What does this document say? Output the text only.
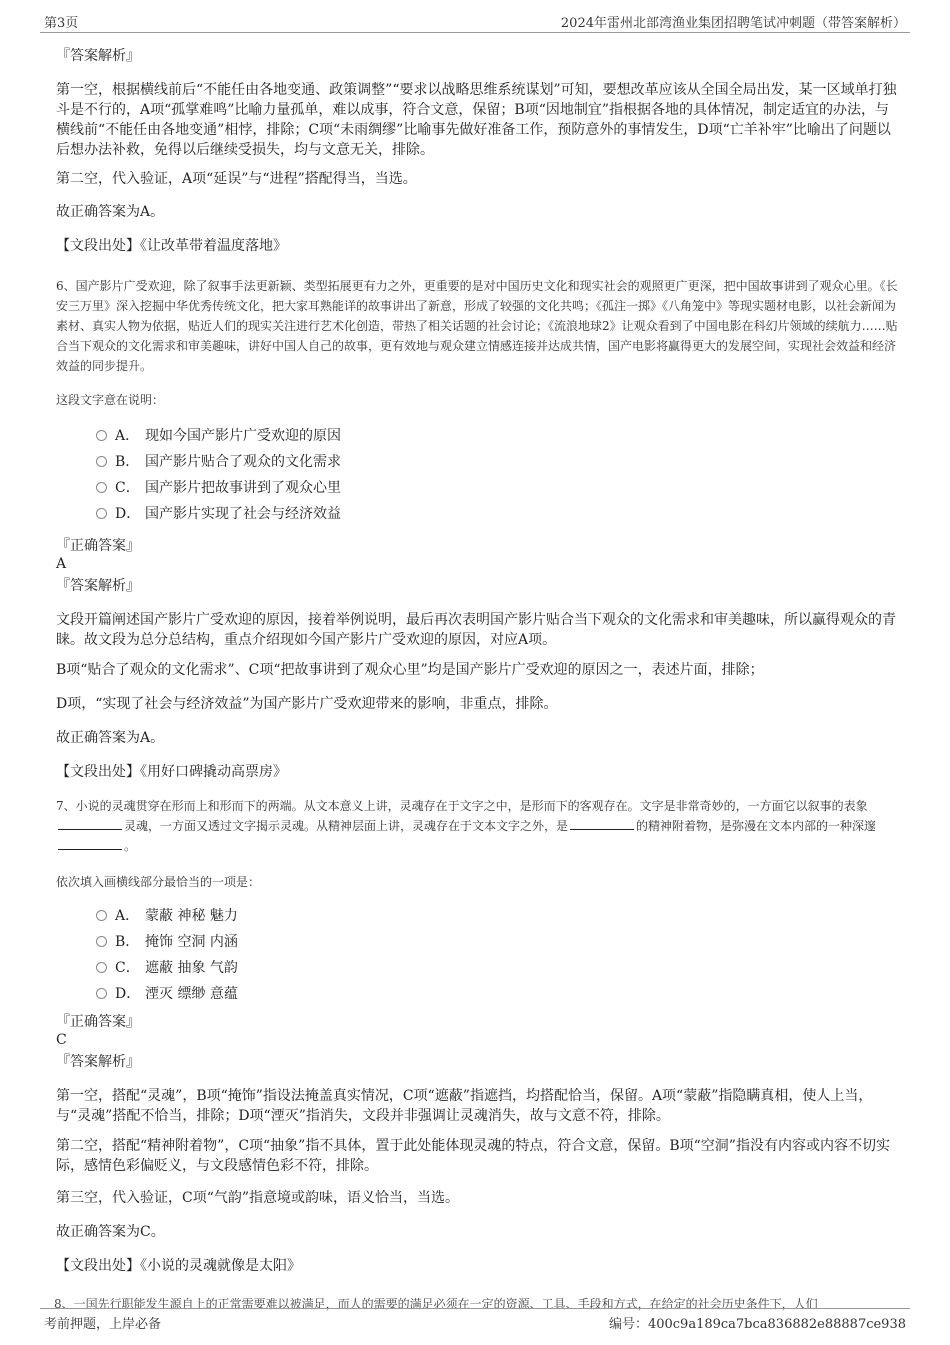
第3页	2024年雷州北部湾渔业集团招聘笔试冲刺题（带答案解析）

『答案解析』

第一空，根据横线前后“不能任由各地变通、政策调整”“要求以战略思维系统谋划”可知，要想改革应该从全国全局出发，某一区域单打独斗是不行的，A项“孤掌难鸣”比喻力量孤单，难以成事，符合文意，保留；B项“因地制宜”指根据各地的具体情况，制定适宜的办法，与横线前“不能任由各地变通”相悖，排除；C项“未雨绸缪”比喻事先做好准备工作，预防意外的事情发生，D项“亡羊补牢”比喻出了问题以后想办法补救，免得以后继续受损失，均与文意无关，排除。

第二空，代入验证，A项“延误”与“进程”搭配得当，当选。

故正确答案为A。

【文段出处】《让改革带着温度落地》

6、国产影片广受欢迎，除了叙事手法更新颖、类型拓展更有力之外，更重要的是对中国历史文化和现实社会的观照更广更深，把中国故事讲到了观众心里。《长安三万里》深入挖掘中华优秀传统文化，把大家耳熟能详的故事讲出了新意，形成了较强的文化共鸣；《孤注一掷》《八角笼中》等现实题材电影，以社会新闻为素材、真实人物为依据，贴近人们的现实关注进行艺术化创造，带热了相关话题的社会讨论；《流浪地球2》让观众看到了中国电影在科幻片领域的续航力……贴合当下观众的文化需求和审美趣味，讲好中国人自己的故事，更有效地与观众建立情感连接并达成共情，国产电影将赢得更大的发展空间，实现社会效益和经济效益的同步提升。

这段文字意在说明：

A． 现如今国产影片广受欢迎的原因
B． 国产影片贴合了观众的文化需求
C． 国产影片把故事讲到了观众心里
D． 国产影片实现了社会与经济效益

『正确答案』

A

『答案解析』

文段开篇阐述国产影片广受欢迎的原因，接着举例说明，最后再次表明国产影片贴合当下观众的文化需求和审美趣味，所以赢得观众的青睐。故文段为总分总结构，重点介绍现如今国产影片广受欢迎的原因，对应A项。

B项“贴合了观众的文化需求”、C项“把故事讲到了观众心里”均是国产影片广受欢迎的原因之一，表述片面，排除；

D项，“实现了社会与经济效益”为国产影片广受欢迎带来的影响，非重点，排除。

故正确答案为A。

【文段出处】《用好口碑撬动高票房》

7、小说的灵魂贯穿在形而上和形而下的两端。从文本意义上讲，灵魂存在于文字之中，是形而下的客观存在。文字是非常奇妙的，一方面它以叙事的表象灵魂，一方面又透过文字揭示灵魂。从精神层面上讲，灵魂存在于文本文字之外，是	的精神附着物，是弥漫在文本内部的一种深邃。

依次填入画横线部分最恰当的一项是：

A． 蒙蔽 神秘 魅力
B． 掩饰 空洞 内涵
C． 遮蔽 抽象 气韵
D． 湮灭 缥缈 意蕴

『正确答案』

C

『答案解析』

第一空，搭配“灵魂”，B项“掩饰”指设法掩盖真实情况，C项“遮蔽”指遮挡，均搭配恰当，保留。A项“蒙蔽”指隐瞒真相，使人上当，与“灵魂”搭配不恰当，排除；D项“湮灭”指消失，文段并非强调让灵魂消失，故与文意不符，排除。

第二空，搭配“精神附着物”，C项“抽象”指不具体，置于此处能体现灵魂的特点，符合文意，保留。B项“空洞”指没有内容或内容不切实际，感情色彩偏贬义，与文段感情色彩不符，排除。

第三空，代入验证，C项“气韵”指意境或韵味，语义恰当，当选。

故正确答案为C。

【文段出处】《小说的灵魂就像是太阳》

8、一国先行职能发生源自上的正常需要难以被满足，而人的需要的满足必须在一定的资源、工具、手段和方式，在给定的社会历史条件下，人们
考前押题，上岸必备	编号：400c9a189ca7bca836882e88887ce938
